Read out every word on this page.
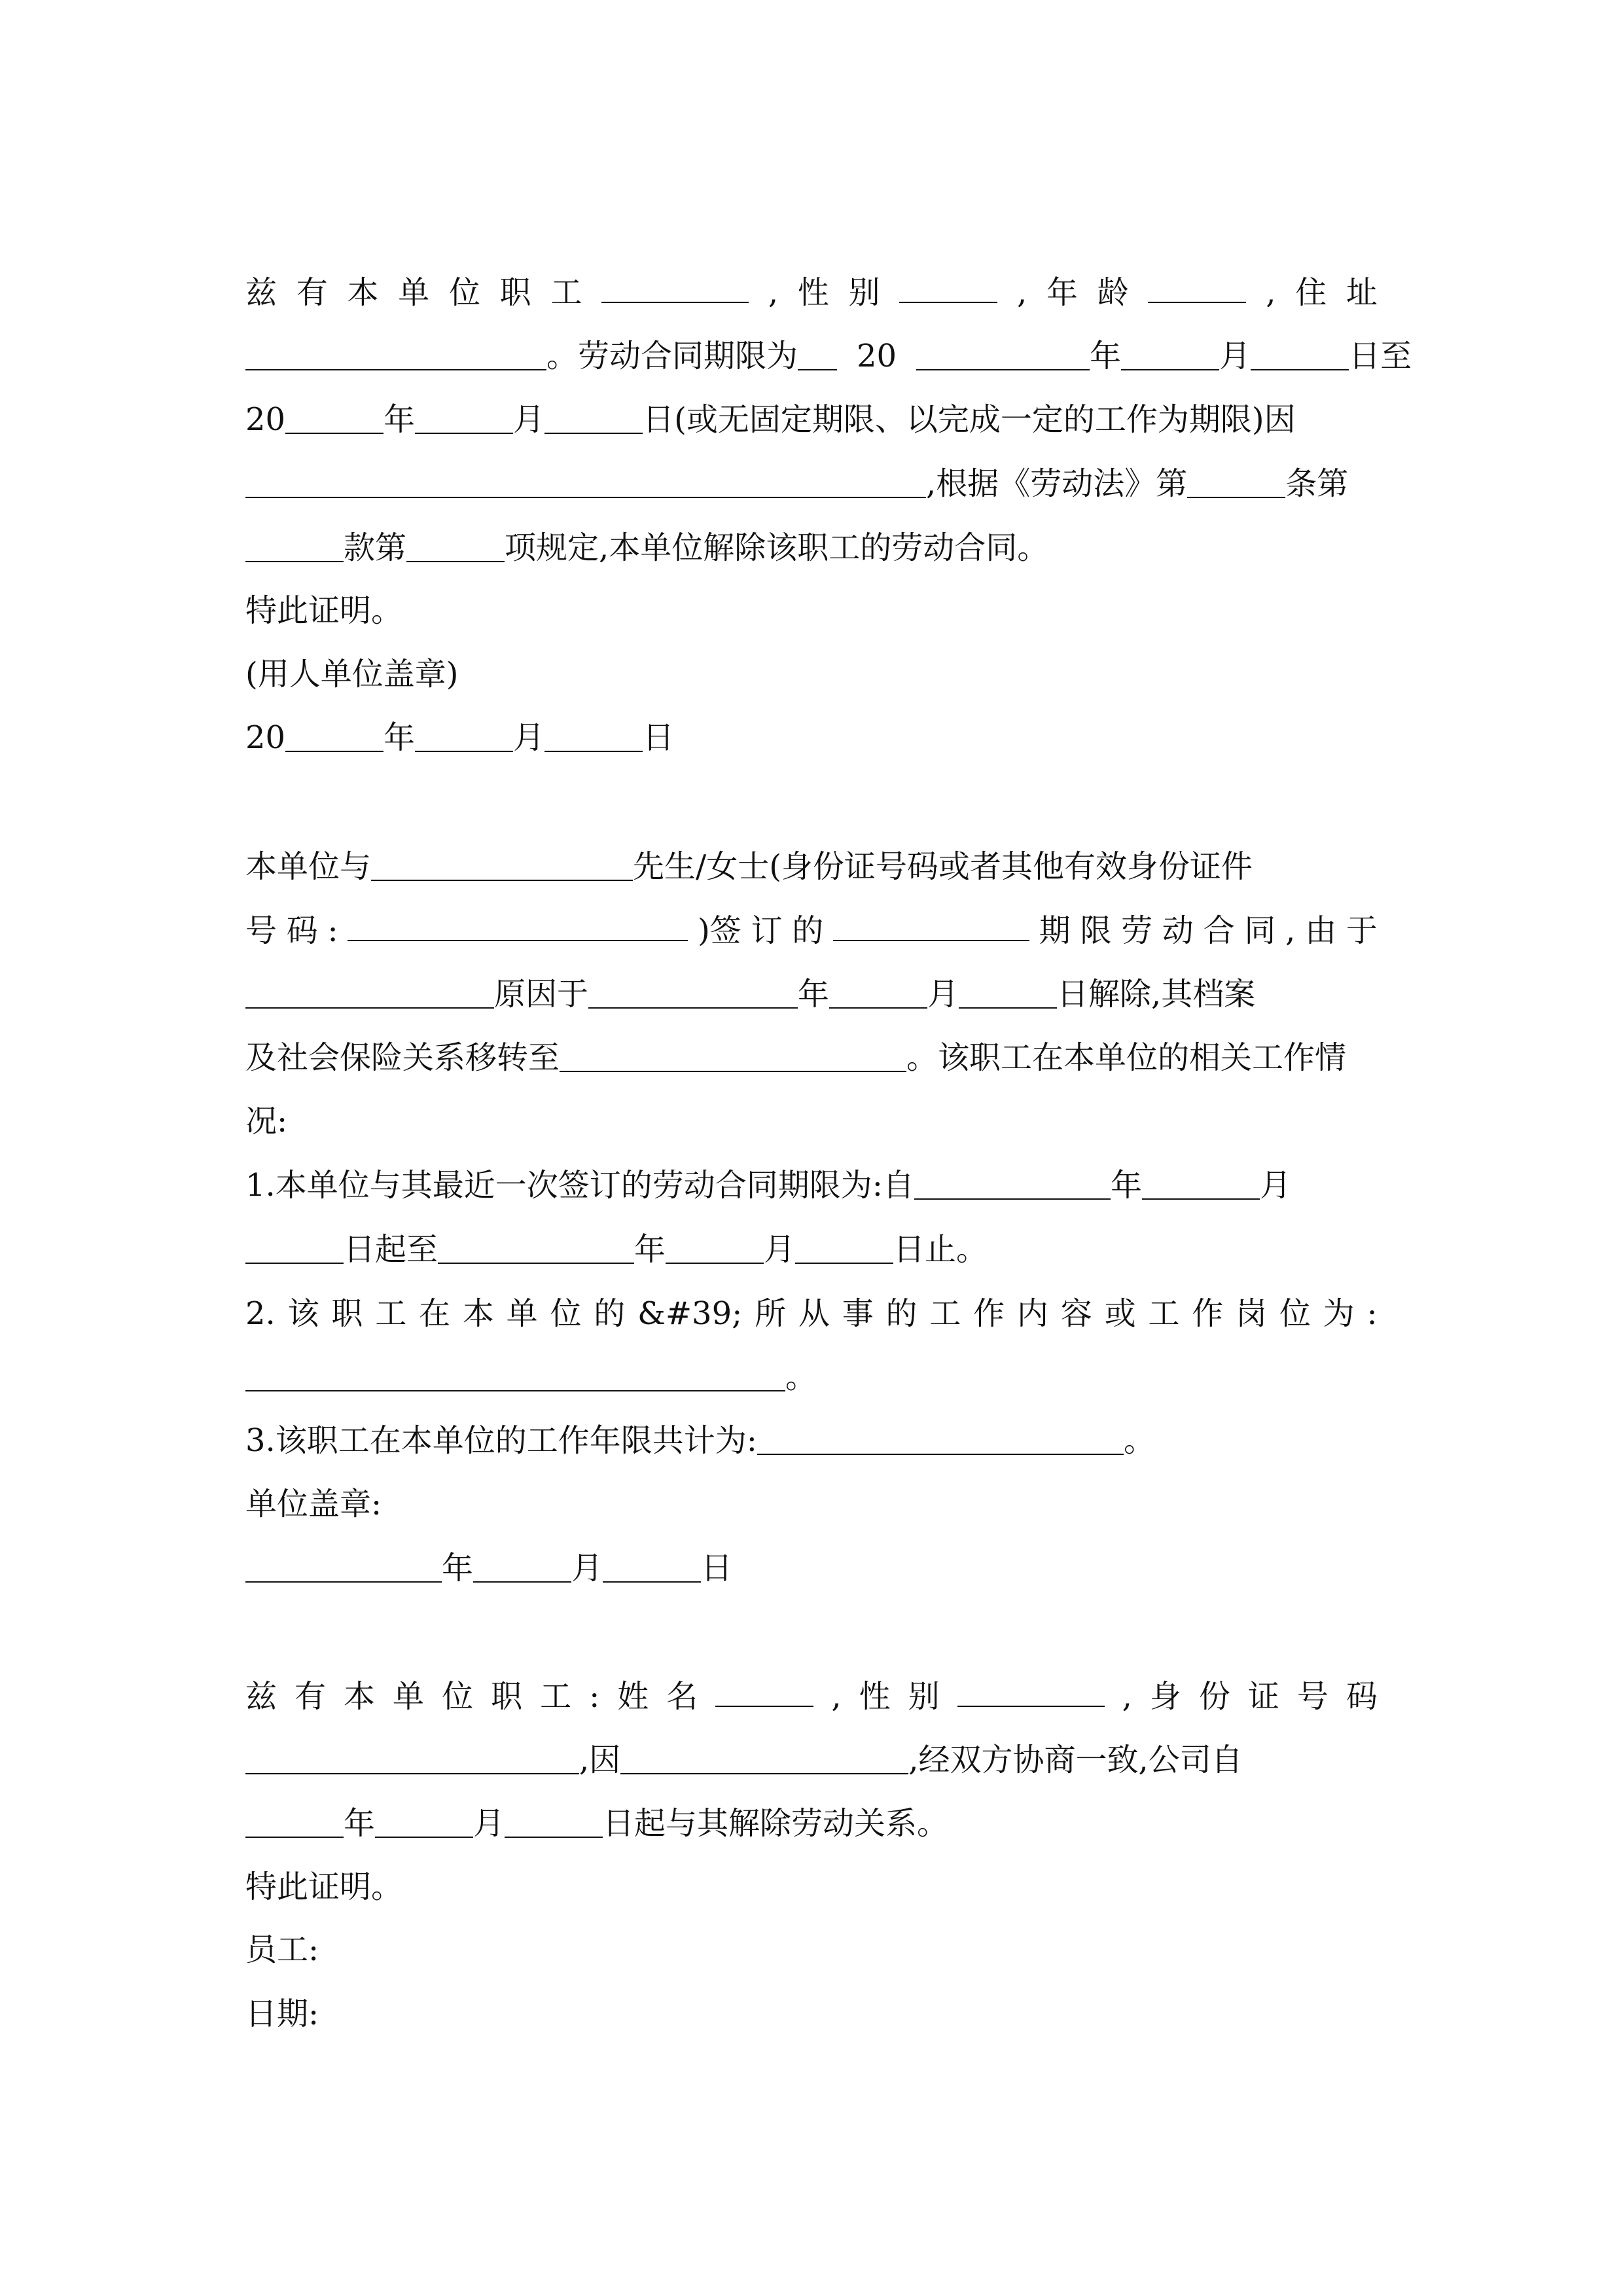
兹 有 本 单 位 职 工	, 性 别	, 年 龄	, 住 址
。劳动合同期限为 20	年	月	日至
20	年	月	日(或无固定期限、以完成一定的工作为期限)因
,根据《劳动法》第	条第
款第	项规定,本单位解除该职工的劳动合同。
特此证明。
(用人单位盖章)
20	年	月	日
本单位与	先生/女士(身份证号码或者其他有效身份证件
号 码 :	)签 订 的	期 限 劳 动 合 同 , 由 于
原因于	年	月	日解除,其档案
及社会保险关系移转至	。该职工在本单位的相关工作情
况:
1.本单位与其最近一次签订的劳动合同期限为:自	年	月
日起至	年	月	日止。
2. 该 职 工 在 本 单 位 的 &#39; 所 从 事 的 工 作 内 容 或 工 作 岗 位 为 :
。
3.该职工在本单位的工作年限共计为:	。
单位盖章:
年	月	日
兹 有 本 单 位 职 工 : 姓 名	, 性 别	, 身 份 证 号 码
,因	,经双方协商一致,公司自
年	月	日起与其解除劳动关系。
特此证明。
员工:
日期:
